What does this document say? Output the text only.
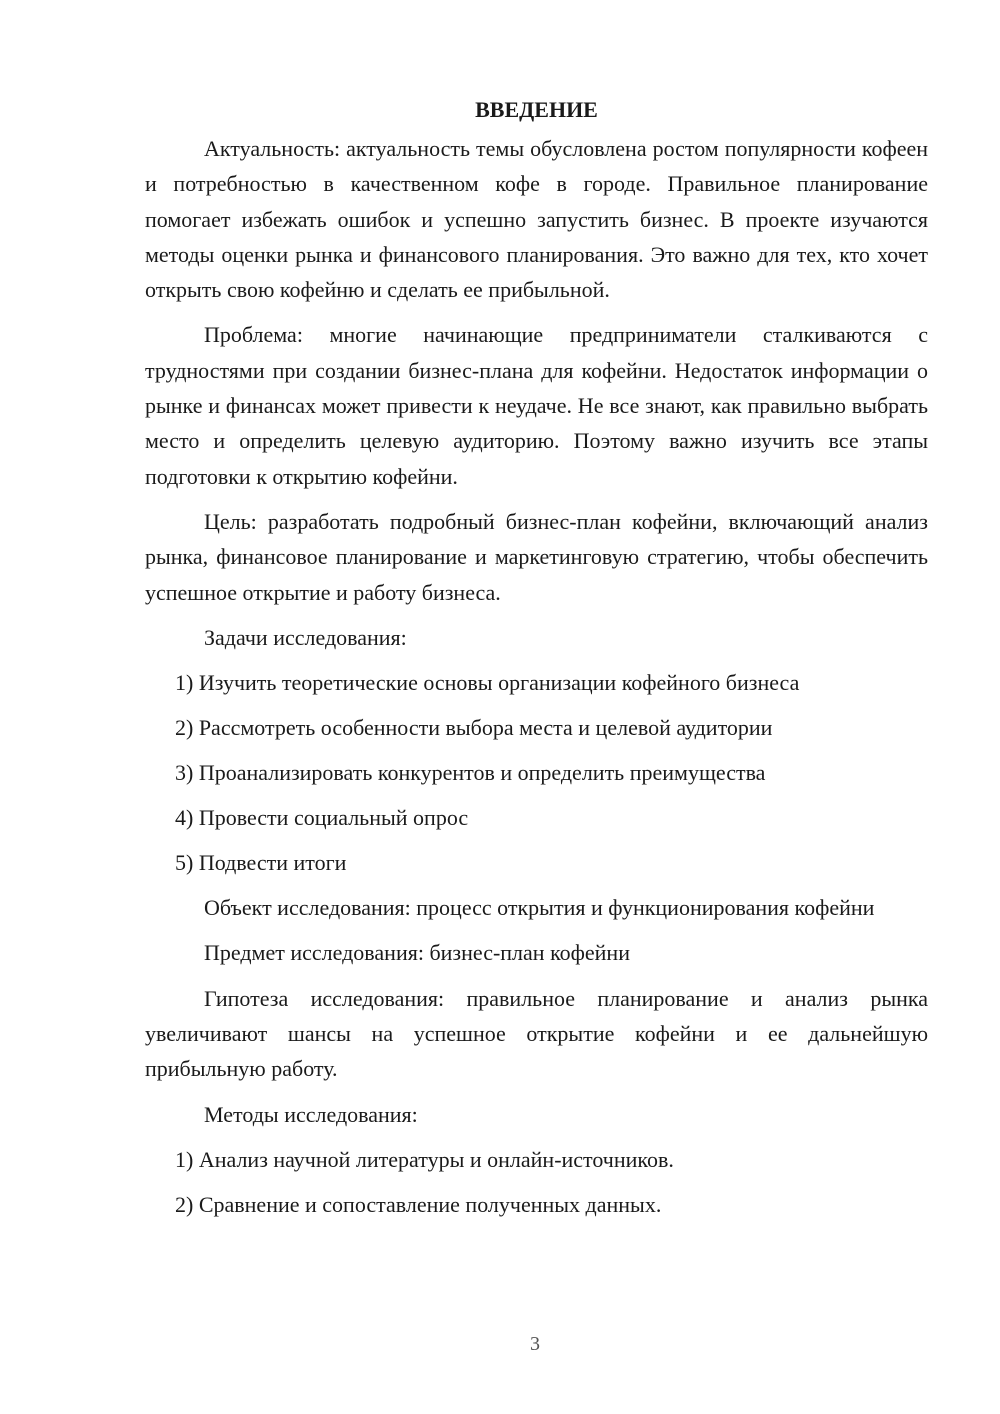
ВВЕДЕНИЕ

Актуальность: актуальность темы обусловлена ростом популярности кофеен и потребностью в качественном кофе в городе. Правильное планирование помогает избежать ошибок и успешно запустить бизнес. В проекте изучаются методы оценки рынка и финансового планирования. Это важно для тех, кто хочет открыть свою кофейню и сделать ее прибыльной.

Проблема: многие начинающие предприниматели сталкиваются с трудностями при создании бизнес-плана для кофейни. Недостаток информации о рынке и финансах может привести к неудаче. Не все знают, как правильно выбрать место и определить целевую аудиторию. Поэтому важно изучить все этапы подготовки к открытию кофейни.

Цель: разработать подробный бизнес-план кофейни, включающий анализ рынка, финансовое планирование и маркетинговую стратегию, чтобы обеспечить успешное открытие и работу бизнеса.

Задачи исследования:

1) Изучить теоретические основы организации кофейного бизнеса
2) Рассмотреть особенности выбора места и целевой аудитории
3) Проанализировать конкурентов и определить преимущества
4) Провести социальный опрос
5) Подвести итоги

Объект исследования: процесс открытия и функционирования кофейни

Предмет исследования: бизнес-план кофейни

Гипотеза исследования: правильное планирование и анализ рынка увеличивают шансы на успешное открытие кофейни и ее дальнейшую прибыльную работу.

Методы исследования:

1) Анализ научной литературы и онлайн-источников.
2) Сравнение и сопоставление полученных данных.
3
